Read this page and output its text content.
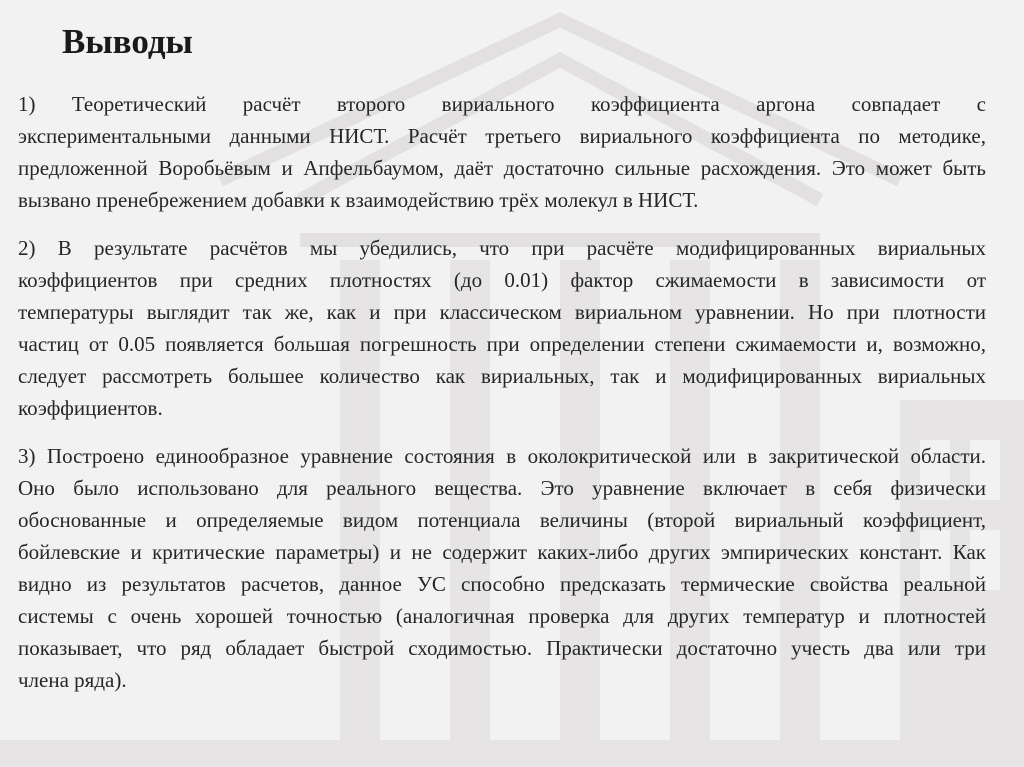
Выводы
1) Теоретический расчёт второго вириального коэффициента аргона совпадает с
экспериментальными данными НИСТ. Расчёт третьего вириального коэффициента по методике,
предложенной Воробьёвым и Апфельбаумом, даёт достаточно сильные расхождения. Это может быть
вызвано пренебрежением добавки к взаимодействию трёх молекул в НИСТ.
2) В результате расчётов мы убедились, что при расчёте модифицированных вириальных
коэффициентов при средних плотностях (до 0.01) фактор сжимаемости в зависимости от
температуры выглядит так же, как и при классическом вириальном уравнении. Но при плотности
частиц от 0.05 появляется большая погрешность при определении степени сжимаемости и, возможно,
следует рассмотреть большее количество как вириальных, так и модифицированных вириальных
коэффициентов.
3) Построено единообразное уравнение состояния в околокритической или в закритической области.
Оно было использовано для реального вещества. Это уравнение включает в себя физически
обоснованные и определяемые видом потенциала величины (второй вириальный коэффициент,
бойлевские и критические параметры) и не содержит каких-либо других эмпирических констант. Как
видно из результатов расчетов, данное УС способно предсказать термические свойства реальной
системы с очень хорошей точностью (аналогичная проверка для других температур и плотностей
показывает, что ряд обладает быстрой сходимостью. Практически достаточно учесть два или три
члена ряда).
